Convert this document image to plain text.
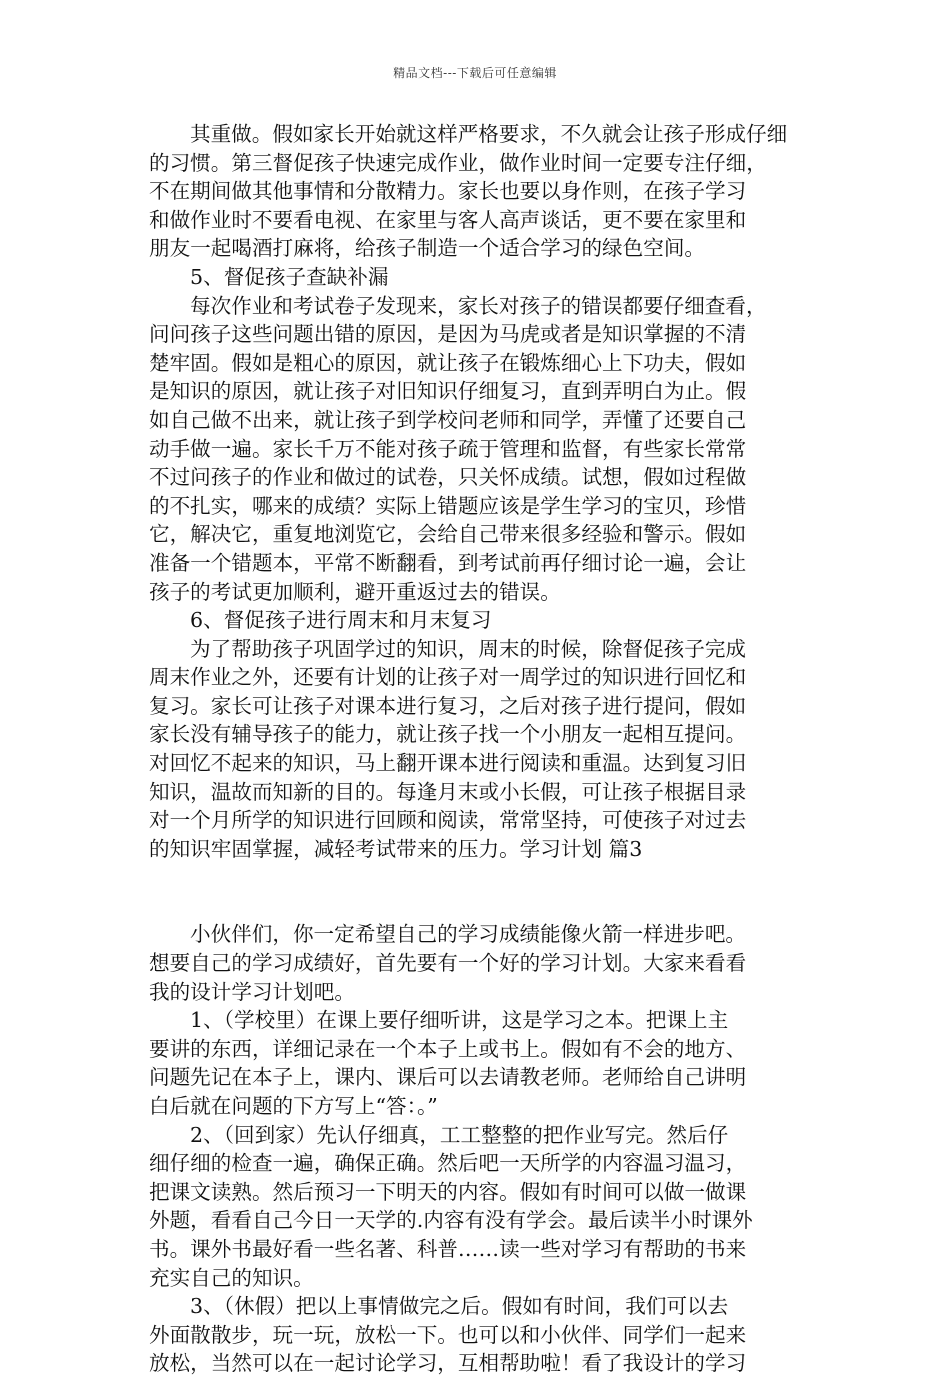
精品文档---下载后可任意编辑
其重做。假如家长开始就这样严格要求，不久就会让孩子形成仔细
的习惯。第三督促孩子快速完成作业，做作业时间一定要专注仔细，
不在期间做其他事情和分散精力。家长也要以身作则，在孩子学习
和做作业时不要看电视、在家里与客人高声谈话，更不要在家里和
朋友一起喝酒打麻将，给孩子制造一个适合学习的绿色空间。
5、督促孩子查缺补漏
每次作业和考试卷子发现来，家长对孩子的错误都要仔细查看，
问问孩子这些问题出错的原因，是因为马虎或者是知识掌握的不清
楚牢固。假如是粗心的原因，就让孩子在锻炼细心上下功夫，假如
是知识的原因，就让孩子对旧知识仔细复习，直到弄明白为止。假
如自己做不出来，就让孩子到学校问老师和同学，弄懂了还要自己
动手做一遍。家长千万不能对孩子疏于管理和监督，有些家长常常
不过问孩子的作业和做过的试卷，只关怀成绩。试想，假如过程做
的不扎实，哪来的成绩？实际上错题应该是学生学习的宝贝，珍惜
它，解决它，重复地浏览它，会给自己带来很多经验和警示。假如
准备一个错题本，平常不断翻看，到考试前再仔细讨论一遍，会让
孩子的考试更加顺利，避开重返过去的错误。
6、督促孩子进行周末和月末复习
为了帮助孩子巩固学过的知识，周末的时候，除督促孩子完成
周末作业之外，还要有计划的让孩子对一周学过的知识进行回忆和
复习。家长可让孩子对课本进行复习，之后对孩子进行提问，假如
家长没有辅导孩子的能力，就让孩子找一个小朋友一起相互提问。
对回忆不起来的知识，马上翻开课本进行阅读和重温。达到复习旧
知识，温故而知新的目的。每逢月末或小长假，可让孩子根据目录
对一个月所学的知识进行回顾和阅读，常常坚持，可使孩子对过去
的知识牢固掌握，减轻考试带来的压力。学习计划 篇3
小伙伴们，你一定希望自己的学习成绩能像火箭一样进步吧。
想要自己的学习成绩好，首先要有一个好的学习计划。大家来看看
我的设计学习计划吧。
1、（学校里）在课上要仔细听讲，这是学习之本。把课上主
要讲的东西，详细记录在一个本子上或书上。假如有不会的地方、
问题先记在本子上，课内、课后可以去请教老师。老师给自己讲明
白后就在问题的下方写上“答：。”
2、（回到家）先认仔细真，工工整整的把作业写完。然后仔
细仔细的检查一遍，确保正确。然后吧一天所学的内容温习温习，
把课文读熟。然后预习一下明天的内容。假如有时间可以做一做课
外题，看看自己今日一天学的.内容有没有学会。最后读半小时课外
书。课外书最好看一些名著、科普……读一些对学习有帮助的书来
充实自己的知识。
3、（休假）把以上事情做完之后。假如有时间，我们可以去
外面散散步，玩一玩，放松一下。也可以和小伙伴、同学们一起来
放松，当然可以在一起讨论学习，互相帮助啦！看了我设计的学习
